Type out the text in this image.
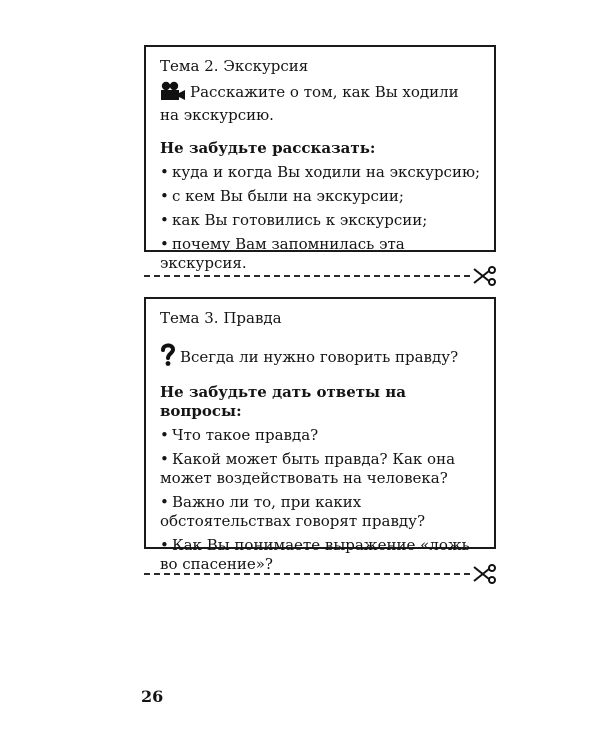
Тема 2. Экскурсия
Расскажите о том, как Вы ходили на экскурсию.
Не забудьте рассказать:
• куда и когда Вы ходили на экскурсию;
• с кем Вы были на экскурсии;
• как Вы готовились к экскурсии;
• почему Вам запомнилась эта экскурсия.
Тема 3. Правда
Всегда ли нужно говорить правду?
Не забудьте дать ответы на вопросы:
• Что такое правда?
• Какой может быть правда? Как она может воздействовать на человека?
• Важно ли то, при каких обстоятельствах говорят правду?
• Как Вы понимаете выражение «ложь во спасение»?
26
